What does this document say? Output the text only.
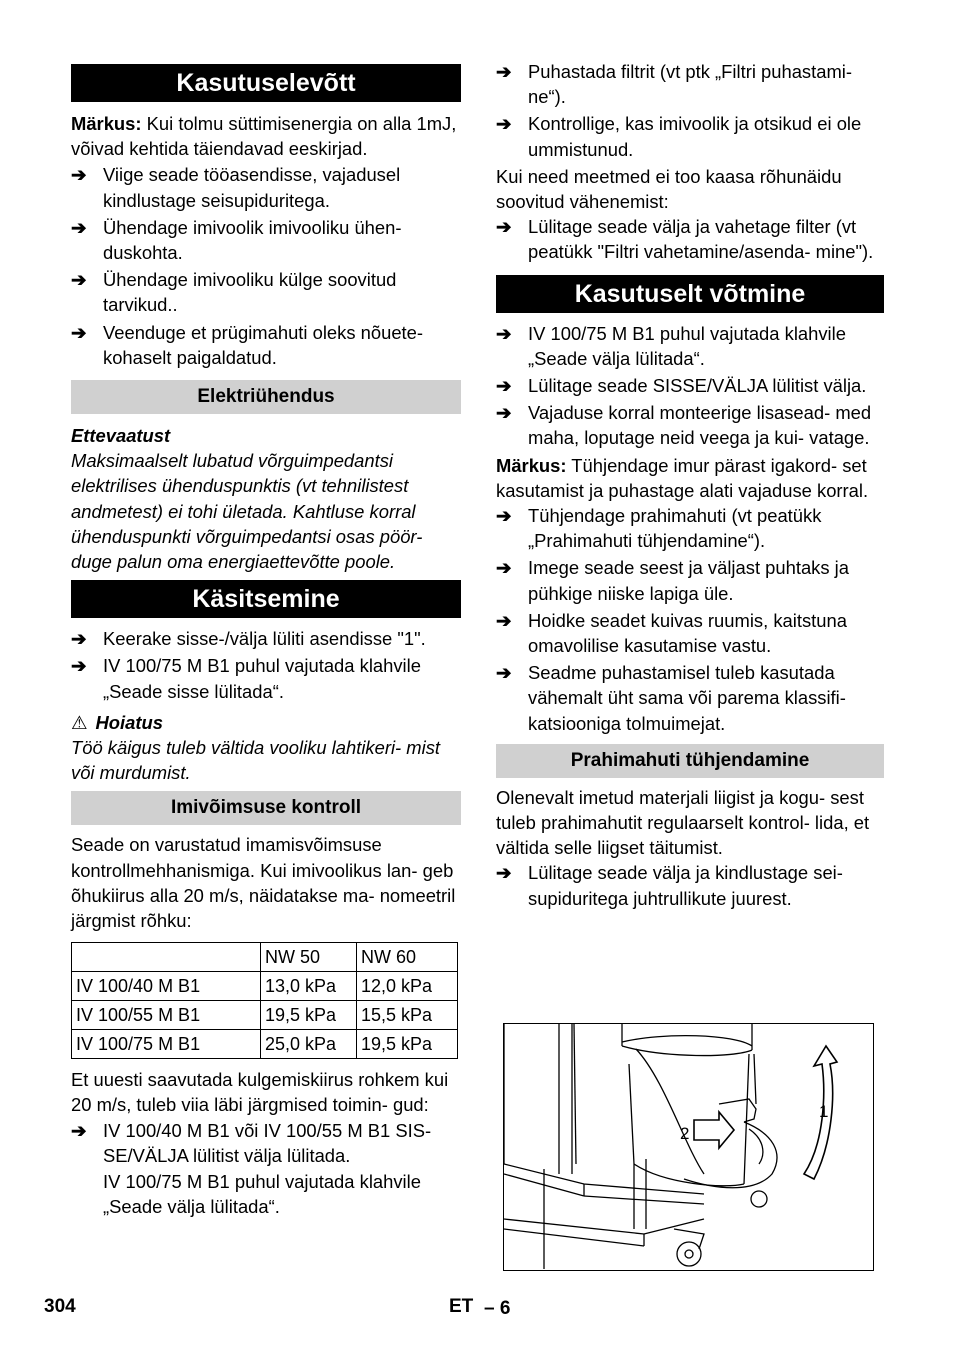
Kasutuselevõtt

Märkus: Kui tolmu süttimisenergia on alla 1mJ, võivad kehtida täiendavad eeskirjad.

➔ Viige seade tööasendisse, vajadusel kindlustage seisupiduritega.
➔ Ühendage imivoolik imivooliku ühen- duskohta.
➔ Ühendage imivooliku külge soovitud tarvikud..
➔ Veenduge et prügimahuti oleks nõuete- kohaselt paigaldatud.
Elektriühendus

Ettevaatust

Maksimaalselt lubatud võrguimpedantsi elektrilises ühenduspunktis (vt tehnilistest andmetest) ei tohi ületada. Kahtluse korral ühenduspunkti võrguimpedantsi osas pöör- duge palun oma energiaettevõtte poole.

Käsitsemine
➔ Keerake sisse-/välja lüliti asendisse "1".
➔ IV 100/75 M B1 puhul vajutada klahvile „Seade sisse lülitada“.

⚠ Hoiatus

Töö käigus tuleb vältida vooliku lahtikeri- mist või murdumist.

Imivõimsuse kontroll

Seade on varustatud imamisvõimsuse kontrollmehhanismiga. Kui imivoolikus lan- geb õhukiirus alla 20 m/s, näidatakse ma- nomeetril järgmist rõhku:

	NW 50	NW 60
IV 100/40 M B1	13,0 kPa	12,0 kPa
IV 100/55 M B1	19,5 kPa	15,5 kPa
IV 100/75 M B1	25,0 kPa	19,5 kPa

Et uuesti saavutada kulgemiskiirus rohkem kui 20 m/s, tuleb viia läbi järgmised toimin- gud:

➔ IV 100/40 M B1 või IV 100/55 M B1 SIS- SE/VÄLJA lülitist välja lülitada.

IV 100/75 M B1 puhul vajutada klahvile „Seade välja lülitada“.

➔ Puhastada filtrit (vt ptk „Filtri puhastami- ne“).
➔ Kontrollige, kas imivoolik ja otsikud ei ole ummistunud.

Kui need meetmed ei too kaasa rõhunäidu soovitud vähenemist:

➔ Lülitage seade välja ja vahetage filter (vt peatükk "Filtri vahetamine/asenda- mine").
Kasutuselt võtmine
➔ IV 100/75 M B1 puhul vajutada klahvile „Seade välja lülitada“.
➔ Lülitage seade SISSE/VÄLJA lülitist välja.
➔ Vajaduse korral monteerige lisasead- med maha, loputage neid veega ja kui- vatage.

Märkus: Tühjendage imur pärast igakord- set kasutamist ja puhastage alati vajaduse korral.

➔ Tühjendage prahimahuti (vt peatükk „Prahimahuti tühjendamine“).
➔ Imege seade seest ja väljast puhtaks ja pühkige niiske lapiga üle.
➔ Hoidke seadet kuivas ruumis, kaitstuna omavolilise kasutamise vastu.
➔ Seadme puhastamisel tuleb kasutada vähemalt üht sama või parema klassifi- katsiooniga tolmuimejat.
Prahimahuti tühjendamine

Olenevalt imetud materjali liigist ja kogu- sest tuleb prahimahutit regulaarselt kontrol- lida, et vältida selle liigset täitumist.

➔ Lülitage seade välja ja kindlustage sei- supiduritega juhtrullikute juurest.
2
1
304	ET – 6
